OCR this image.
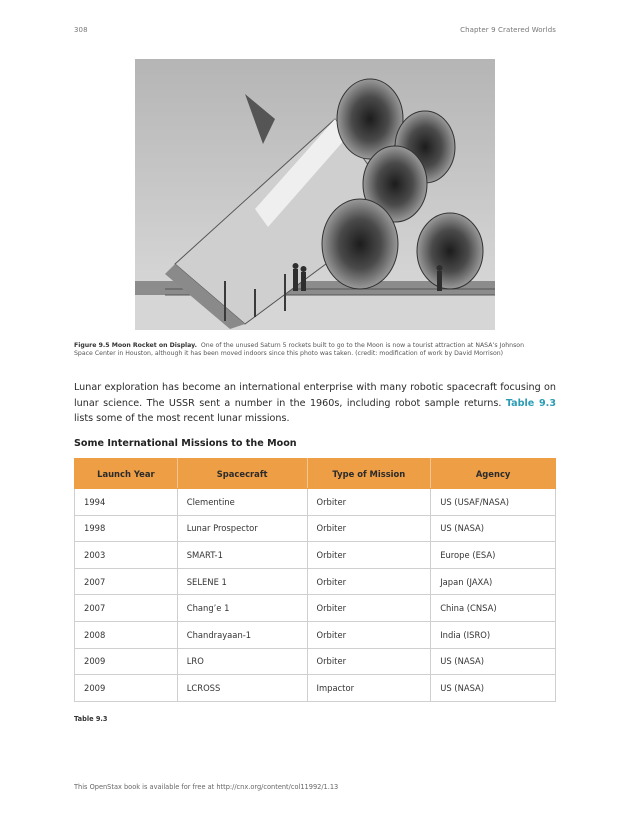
308	Chapter 9 Cratered Worlds
Figure 9.5 Moon Rocket on Display. One of the unused Saturn 5 rockets built to go to the Moon is now a tourist attraction at NASA’s Johnson Space Center in Houston, although it has been moved indoors since this photo was taken. (credit: modification of work by David Morrison)
Lunar exploration has become an international enterprise with many robotic spacecraft focusing on lunar science. The USSR sent a number in the 1960s, including robot sample returns. Table 9.3 lists some of the most recent lunar missions.
Some International Missions to the Moon
Launch Year	Spacecraft	Type of Mission	Agency
1994	Clementine	Orbiter	US (USAF/NASA)
1998	Lunar Prospector	Orbiter	US (NASA)
2003	SMART-1	Orbiter	Europe (ESA)
2007	SELENE 1	Orbiter	Japan (JAXA)
2007	Chang’e 1	Orbiter	China (CNSA)
2008	Chandrayaan-1	Orbiter	India (ISRO)
2009	LRO	Orbiter	US (NASA)
2009	LCROSS	Impactor	US (NASA)
Table 9.3
This OpenStax book is available for free at http://cnx.org/content/col11992/1.13
